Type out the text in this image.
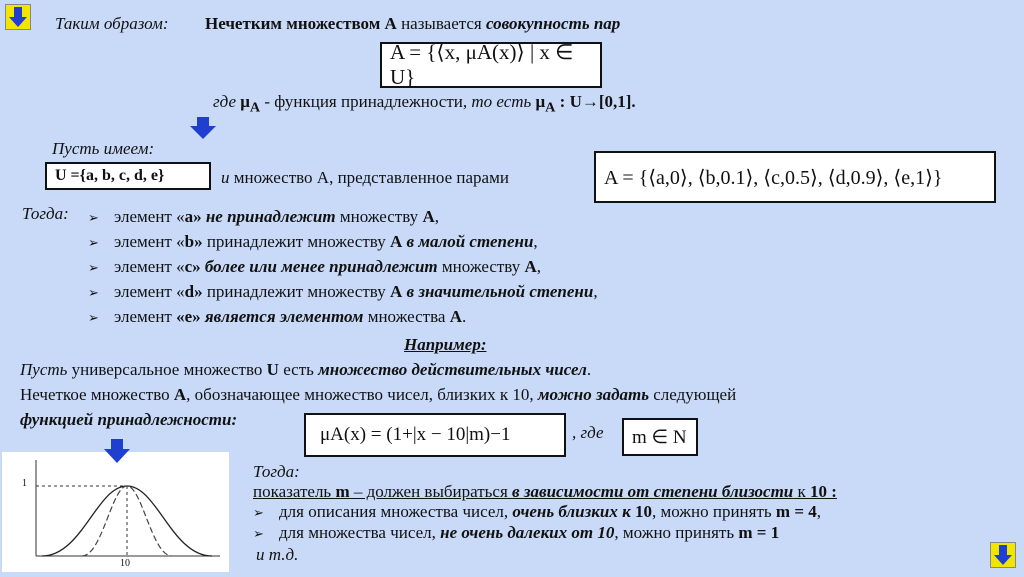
Таким образом: Нечетким множеством A называется совокупность пар
A = {⟨x, μA(x)⟩ | x ∈ U}
где $\mu_A$ - функция принадлежности, то есть $\mu_A$ : U→[0,1].
Пусть имеем:
U ={a, b, c, d, e}	и множество А, представленное парами	A = {⟨a,0⟩, ⟨b,0.1⟩, ⟨c,0.5⟩, ⟨d,0.9⟩, ⟨e,1⟩}
Тогда: ➢ элемент «a» не принадлежит множеству А,
➢ элемент «b» принадлежит множеству А в малой степени,
➢ элемент «c» более или менее принадлежит множеству А,
➢ элемент «d» принадлежит множеству А в значительной степени,
➢ элемент «e» является элементом множества А.
Например:
Пусть универсальное множество U есть множество действительных чисел.
Нечеткое множество А, обозначающее множество чисел, близких к 10, можно задать следующей
функцией принадлежности:
μA(x) = (1+|x − 10|m)−1	, где m ∈ N
1
10
Тогда:
показатель m – должен выбираться в зависимости от степени близости к 10 :
➢ для описания множества чисел, очень близких к 10, можно принять m = 4,
➢ для множества чисел, не очень далеких от 10, можно принять m = 1
и т.д.
